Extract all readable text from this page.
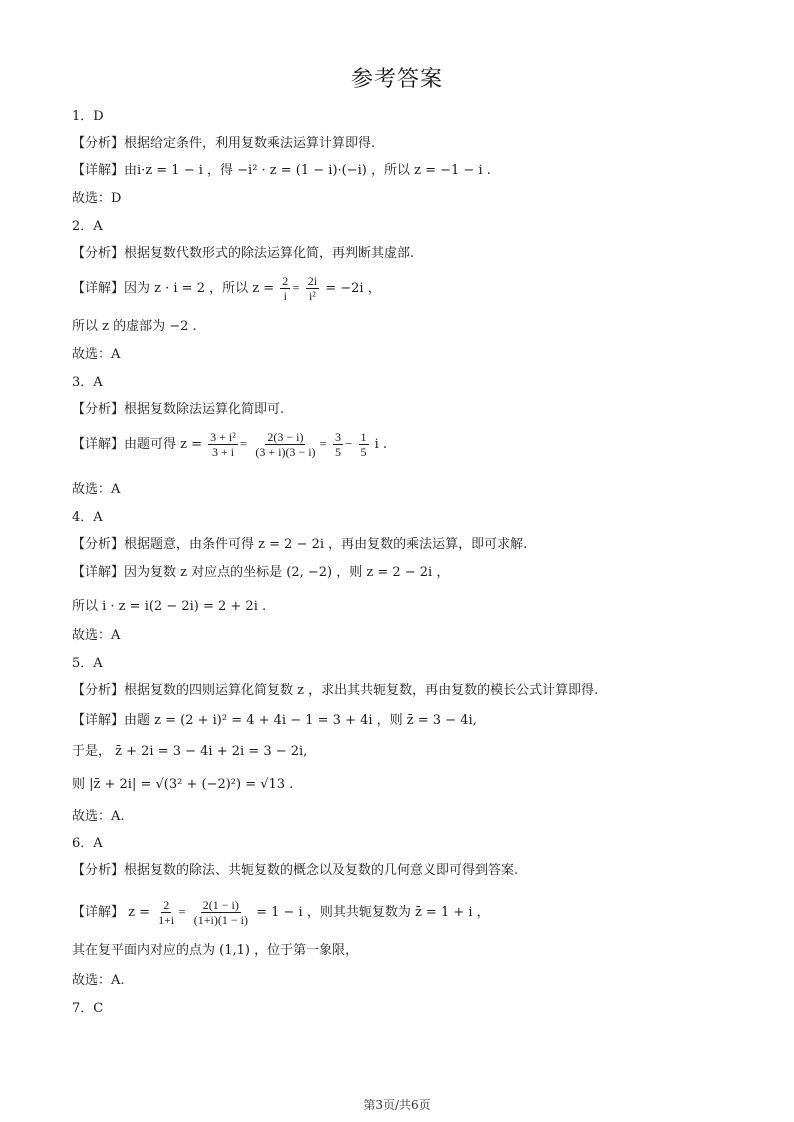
参考答案
1．D
【分析】根据给定条件，利用复数乘法运算计算即得.
【详解】由i·z = 1 − i ，得 −i² · z = (1 − i)·(−i) ，所以 z = −1 − i .
故选：D
2．A
【分析】根据复数代数形式的除法运算化简，再判断其虚部.
【详解】因为 z · i = 2 ，所以 $z = \frac{2}{i} = \frac{2i}{\text{i²}} = -2i$ ，
所以 z 的虚部为 −2 .
故选：A
3．A
【分析】根据复数除法运算化简即可.
【详解】由题可得 $z = \frac{\text{3 + i²}}{3 + i} = \frac{2(3 - i)}{(3 + i)(3 - i)} = \frac{3}{5} - \frac{1}{5}$ i .
故选：A
4．A
【分析】根据题意，由条件可得 z = 2 − 2i ，再由复数的乘法运算，即可求解.
【详解】因为复数 z 对应点的坐标是 (2, −2) ，则 z = 2 − 2i ，
所以 i · z = i(2 − 2i) = 2 + 2i .
故选：A
5．A
【分析】根据复数的四则运算化简复数 z ，求出其共轭复数，再由复数的模长公式计算即得.
【详解】由题 z = (2 + i)² = 4 + 4i − 1 = 3 + 4i ，则 z̄ = 3 − 4i,
于是， z̄ + 2i = 3 − 4i + 2i = 3 − 2i,
则 |z̄ + 2i| = √(3² + (−2)²) = √13 .
故选：A.
6．A
【分析】根据复数的除法、共轭复数的概念以及复数的几何意义即可得到答案.
【详解】 $z = \frac{2}{1+i} = \frac{2(1 - i)}{(1+i)(1 - i)} = 1 - i$ ，则其共轭复数为 z̄ = 1 + i ，
其在复平面内对应的点为 (1,1) ，位于第一象限，
故选：A.
7．C
第3页/共6页
